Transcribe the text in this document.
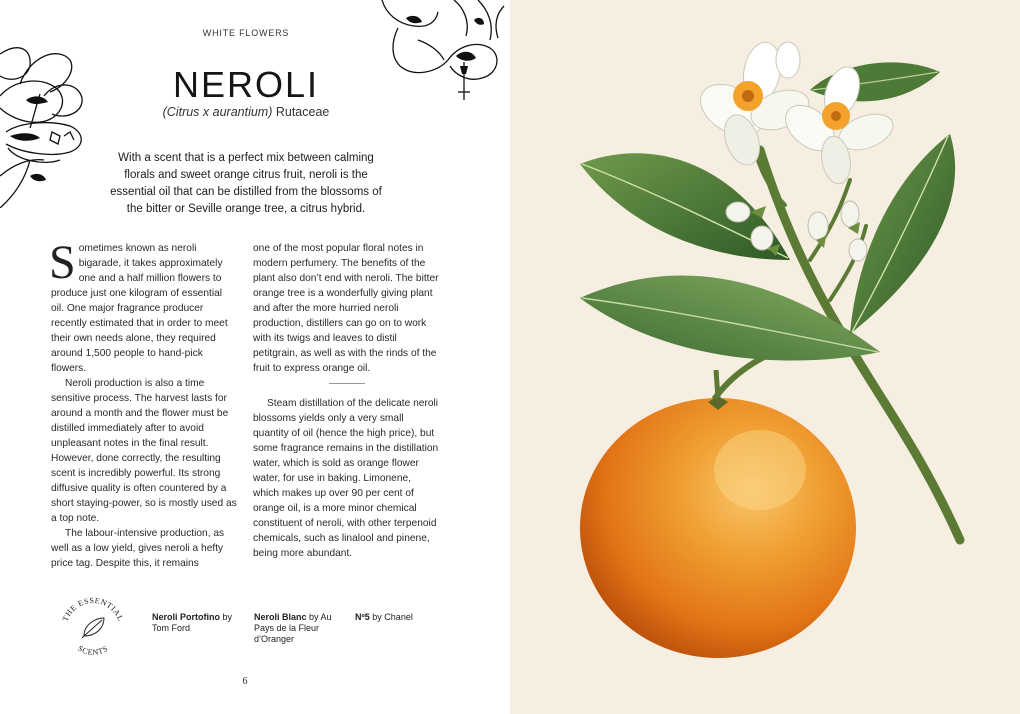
WHITE FLOWERS
NEROLI
(Citrus x aurantium) Rutaceae
With a scent that is a perfect mix between calming florals and sweet orange citrus fruit, neroli is the essential oil that can be distilled from the blossoms of the bitter or Seville orange tree, a citrus hybrid.

Sometimes known as neroli bigarade, it takes approximately one and a half million flowers to produce just one kilogram of essential oil. One major fragrance producer recently estimated that in order to meet their own needs alone, they required around 1,500 people to hand-pick flowers.

Neroli production is also a time sensitive process. The harvest lasts for around a month and the flower must be distilled immediately after to avoid unpleasant notes in the final result. However, done correctly, the resulting scent is incredibly powerful. Its strong diffusive quality is often countered by a short staying-power, so is mostly used as a top note.

The labour-intensive production, as well as a low yield, gives neroli a hefty price tag. Despite this, it remains

one of the most popular floral notes in modern perfumery. The benefits of the plant also don’t end with neroli. The bitter orange tree is a wonderfully giving plant and after the more hurried neroli production, distillers can go on to work with its twigs and leaves to distil petitgrain, as well as with the rinds of the fruit to express orange oil.

Steam distillation of the delicate neroli blossoms yields only a very small quantity of oil (hence the high price), but some fragrance remains in the distillation water, which is sold as orange flower water, for use in baking. Limonene, which makes up over 90 per cent of orange oil, is a more minor chemical constituent of neroli, with other terpenoid chemicals, such as linalool and pinene, being more abundant.

THE ESSENTIAL
SCENTS
Neroli Portofino by Tom Ford
Neroli Blanc by Au Pays de la Fleur d’Oranger
Nº5 by Chanel
6
